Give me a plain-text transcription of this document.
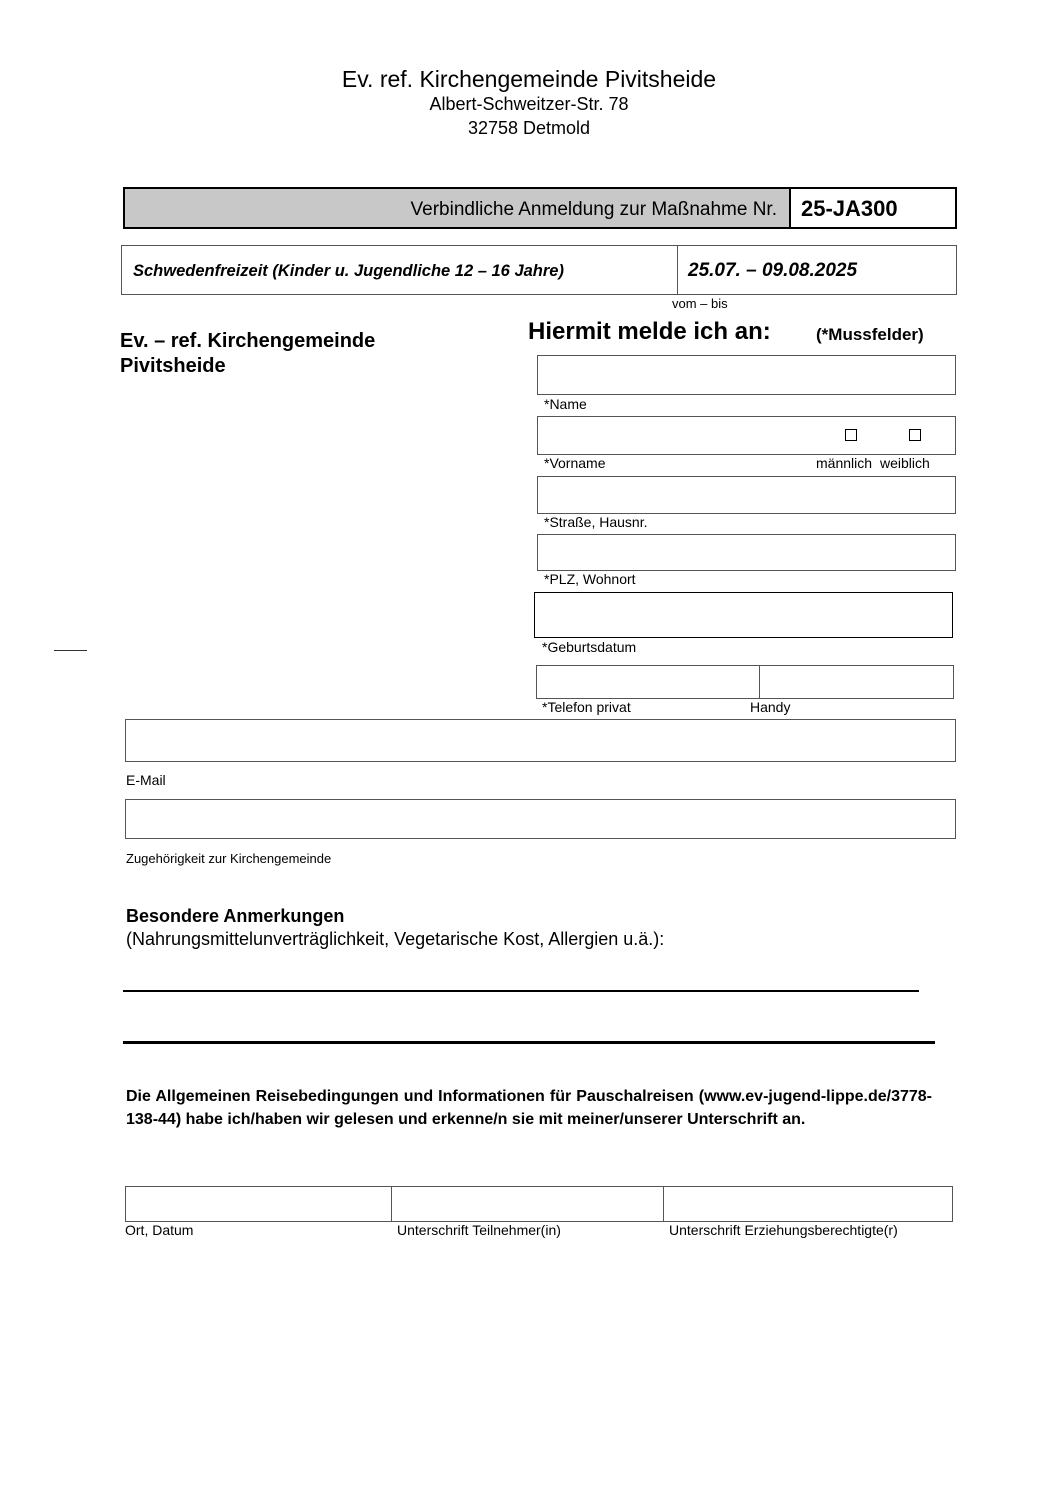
Ev. ref. Kirchengemeinde Pivitsheide
Albert-Schweitzer-Str. 78
32758 Detmold
Verbindliche Anmeldung zur Maßnahme Nr. 25-JA300
Schwedenfreizeit (Kinder u. Jugendliche 12 – 16 Jahre)	25.07. – 09.08.2025
vom – bis
Ev. – ref. Kirchengemeinde
Pivitsheide
Hiermit melde ich an:	(*Mussfelder)
*Name
*Vorname	männlich weiblich
*Straße, Hausnr.
*PLZ, Wohnort
*Geburtsdatum
*Telefon privat	Handy
E-Mail
Zugehörigkeit zur Kirchengemeinde
Besondere Anmerkungen
(Nahrungsmittelunverträglichkeit, Vegetarische Kost, Allergien u.ä.):
Die Allgemeinen Reisebedingungen und Informationen für Pauschalreisen (www.ev-jugend-lippe.de/3778-138-44) habe ich/haben wir gelesen und erkenne/n sie mit meiner/unserer Unterschrift an.
Ort, Datum	Unterschrift Teilnehmer(in)	Unterschrift Erziehungsberechtigte(r)
